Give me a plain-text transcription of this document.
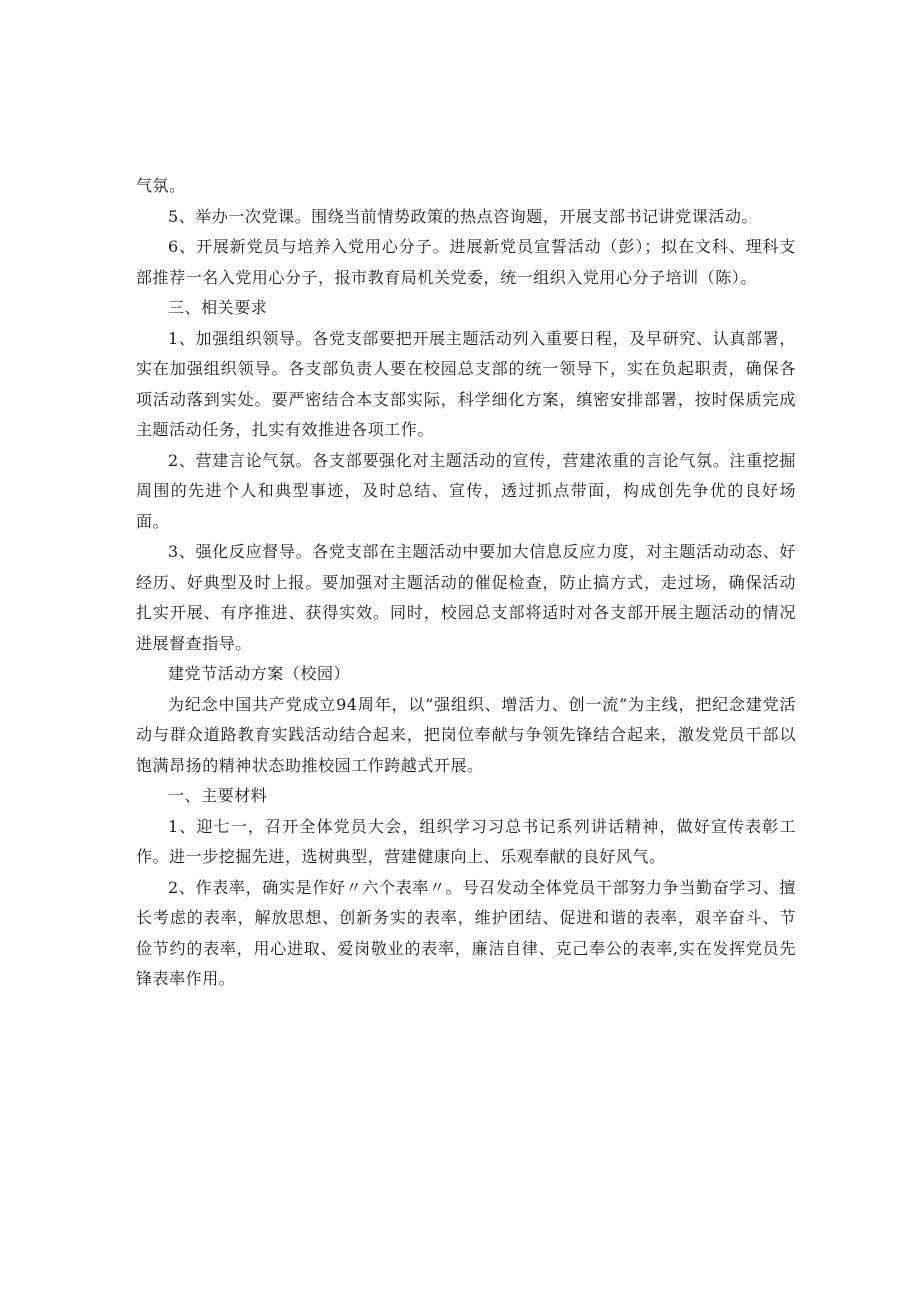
气氛。

5、举办一次党课。围绕当前情势政策的热点咨询题，开展支部书记讲党课活动。

6、开展新党员与培养入党用心分子。进展新党员宣誓活动（彭）；拟在文科、理科支部推荐一名入党用心分子，报市教育局机关党委，统一组织入党用心分子培训（陈）。

三、相关要求

1、加强组织领导。各党支部要把开展主题活动列入重要日程，及早研究、认真部署，实在加强组织领导。各支部负责人要在校园总支部的统一领导下，实在负起职责，确保各项活动落到实处。要严密结合本支部实际，科学细化方案，缜密安排部署，按时保质完成主题活动任务，扎实有效推进各项工作。

2、营建言论气氛。各支部要强化对主题活动的宣传，营建浓重的言论气氛。注重挖掘周围的先进个人和典型事迹，及时总结、宣传，透过抓点带面，构成创先争优的良好场面。

3、强化反应督导。各党支部在主题活动中要加大信息反应力度，对主题活动动态、好经历、好典型及时上报。要加强对主题活动的催促检查，防止搞方式，走过场，确保活动扎实开展、有序推进、获得实效。同时，校园总支部将适时对各支部开展主题活动的情况进展督查指导。

建党节活动方案（校园）

为纪念中国共产党成立94周年，以“强组织、增活力、创一流”为主线，把纪念建党活动与群众道路教育实践活动结合起来，把岗位奉献与争领先锋结合起来，激发党员干部以饱满昂扬的精神状态助推校园工作跨越式开展。

一、主要材料

1、迎七一，召开全体党员大会，组织学习习总书记系列讲话精神，做好宣传表彰工作。进一步挖掘先进，选树典型，营建健康向上、乐观奉献的良好风气。

2、作表率，确实是作好〃六个表率〃。号召发动全体党员干部努力争当勤奋学习、擅长考虑的表率，解放思想、创新务实的表率，维护团结、促进和谐的表率，艰辛奋斗、节俭节约的表率，用心进取、爱岗敬业的表率，廉洁自律、克己奉公的表率,实在发挥党员先锋表率作用。
